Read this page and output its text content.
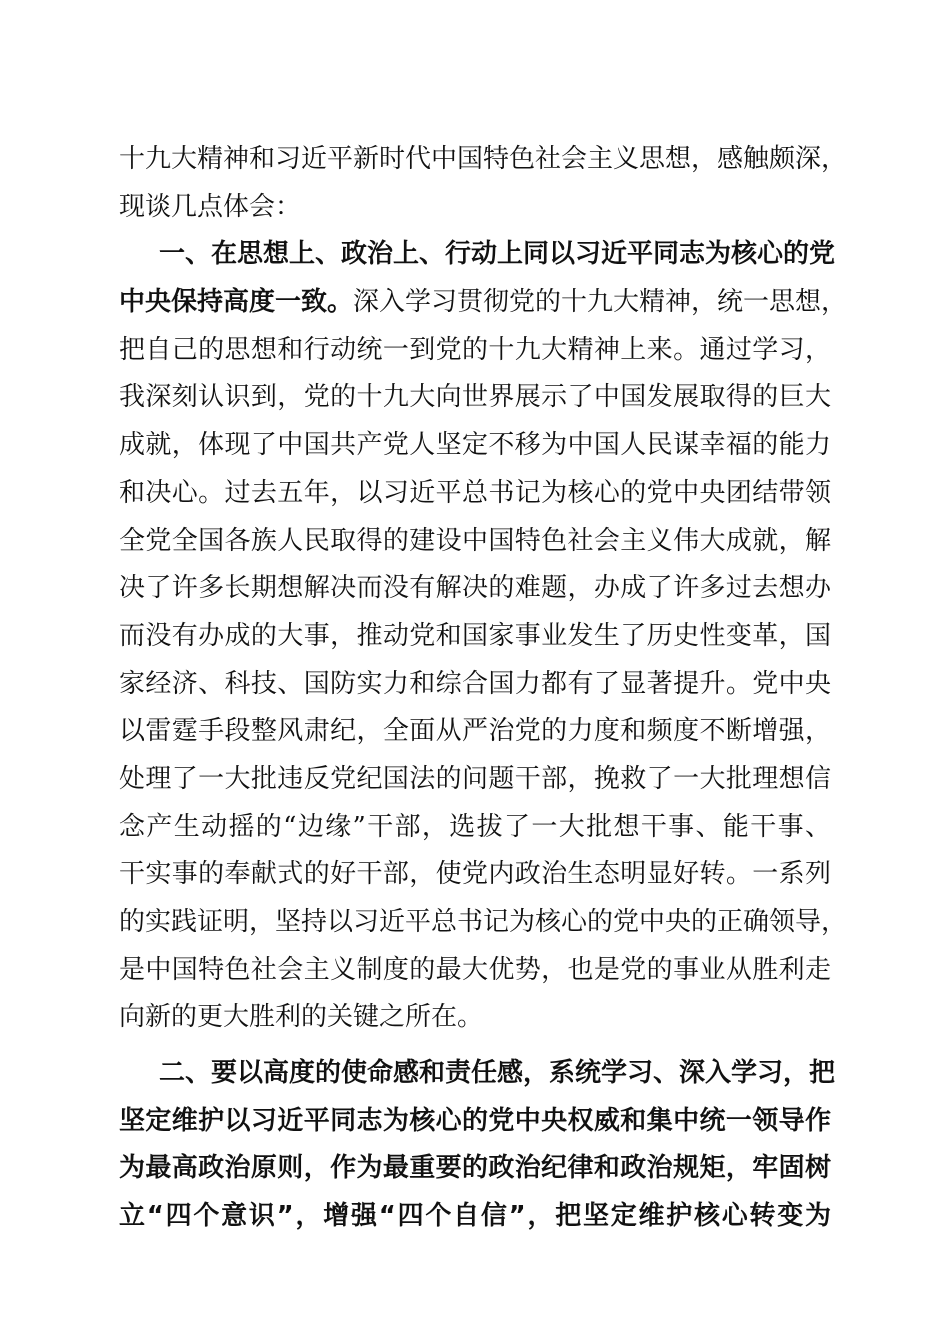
十九大精神和习近平新时代中国特色社会主义思想，感触颇深，
现谈几点体会：
一、在思想上、政治上、行动上同以习近平同志为核心的党
中央保持高度一致。深入学习贯彻党的十九大精神，统一思想，
把自己的思想和行动统一到党的十九大精神上来。通过学习，
我深刻认识到，党的十九大向世界展示了中国发展取得的巨大
成就，体现了中国共产党人坚定不移为中国人民谋幸福的能力
和决心。过去五年，以习近平总书记为核心的党中央团结带领
全党全国各族人民取得的建设中国特色社会主义伟大成就，解
决了许多长期想解决而没有解决的难题，办成了许多过去想办
而没有办成的大事，推动党和国家事业发生了历史性变革，国
家经济、科技、国防实力和综合国力都有了显著提升。党中央
以雷霆手段整风肃纪，全面从严治党的力度和频度不断增强，
处理了一大批违反党纪国法的问题干部，挽救了一大批理想信
念产生动摇的“边缘”干部，选拔了一大批想干事、能干事、
干实事的奉献式的好干部，使党内政治生态明显好转。一系列
的实践证明，坚持以习近平总书记为核心的党中央的正确领导，
是中国特色社会主义制度的最大优势，也是党的事业从胜利走
向新的更大胜利的关键之所在。
二、要以高度的使命感和责任感，系统学习、深入学习，把
坚定维护以习近平同志为核心的党中央权威和集中统一领导作
为最高政治原则，作为最重要的政治纪律和政治规矩，牢固树
立“四个意识”，增强“四个自信”，把坚定维护核心转变为
